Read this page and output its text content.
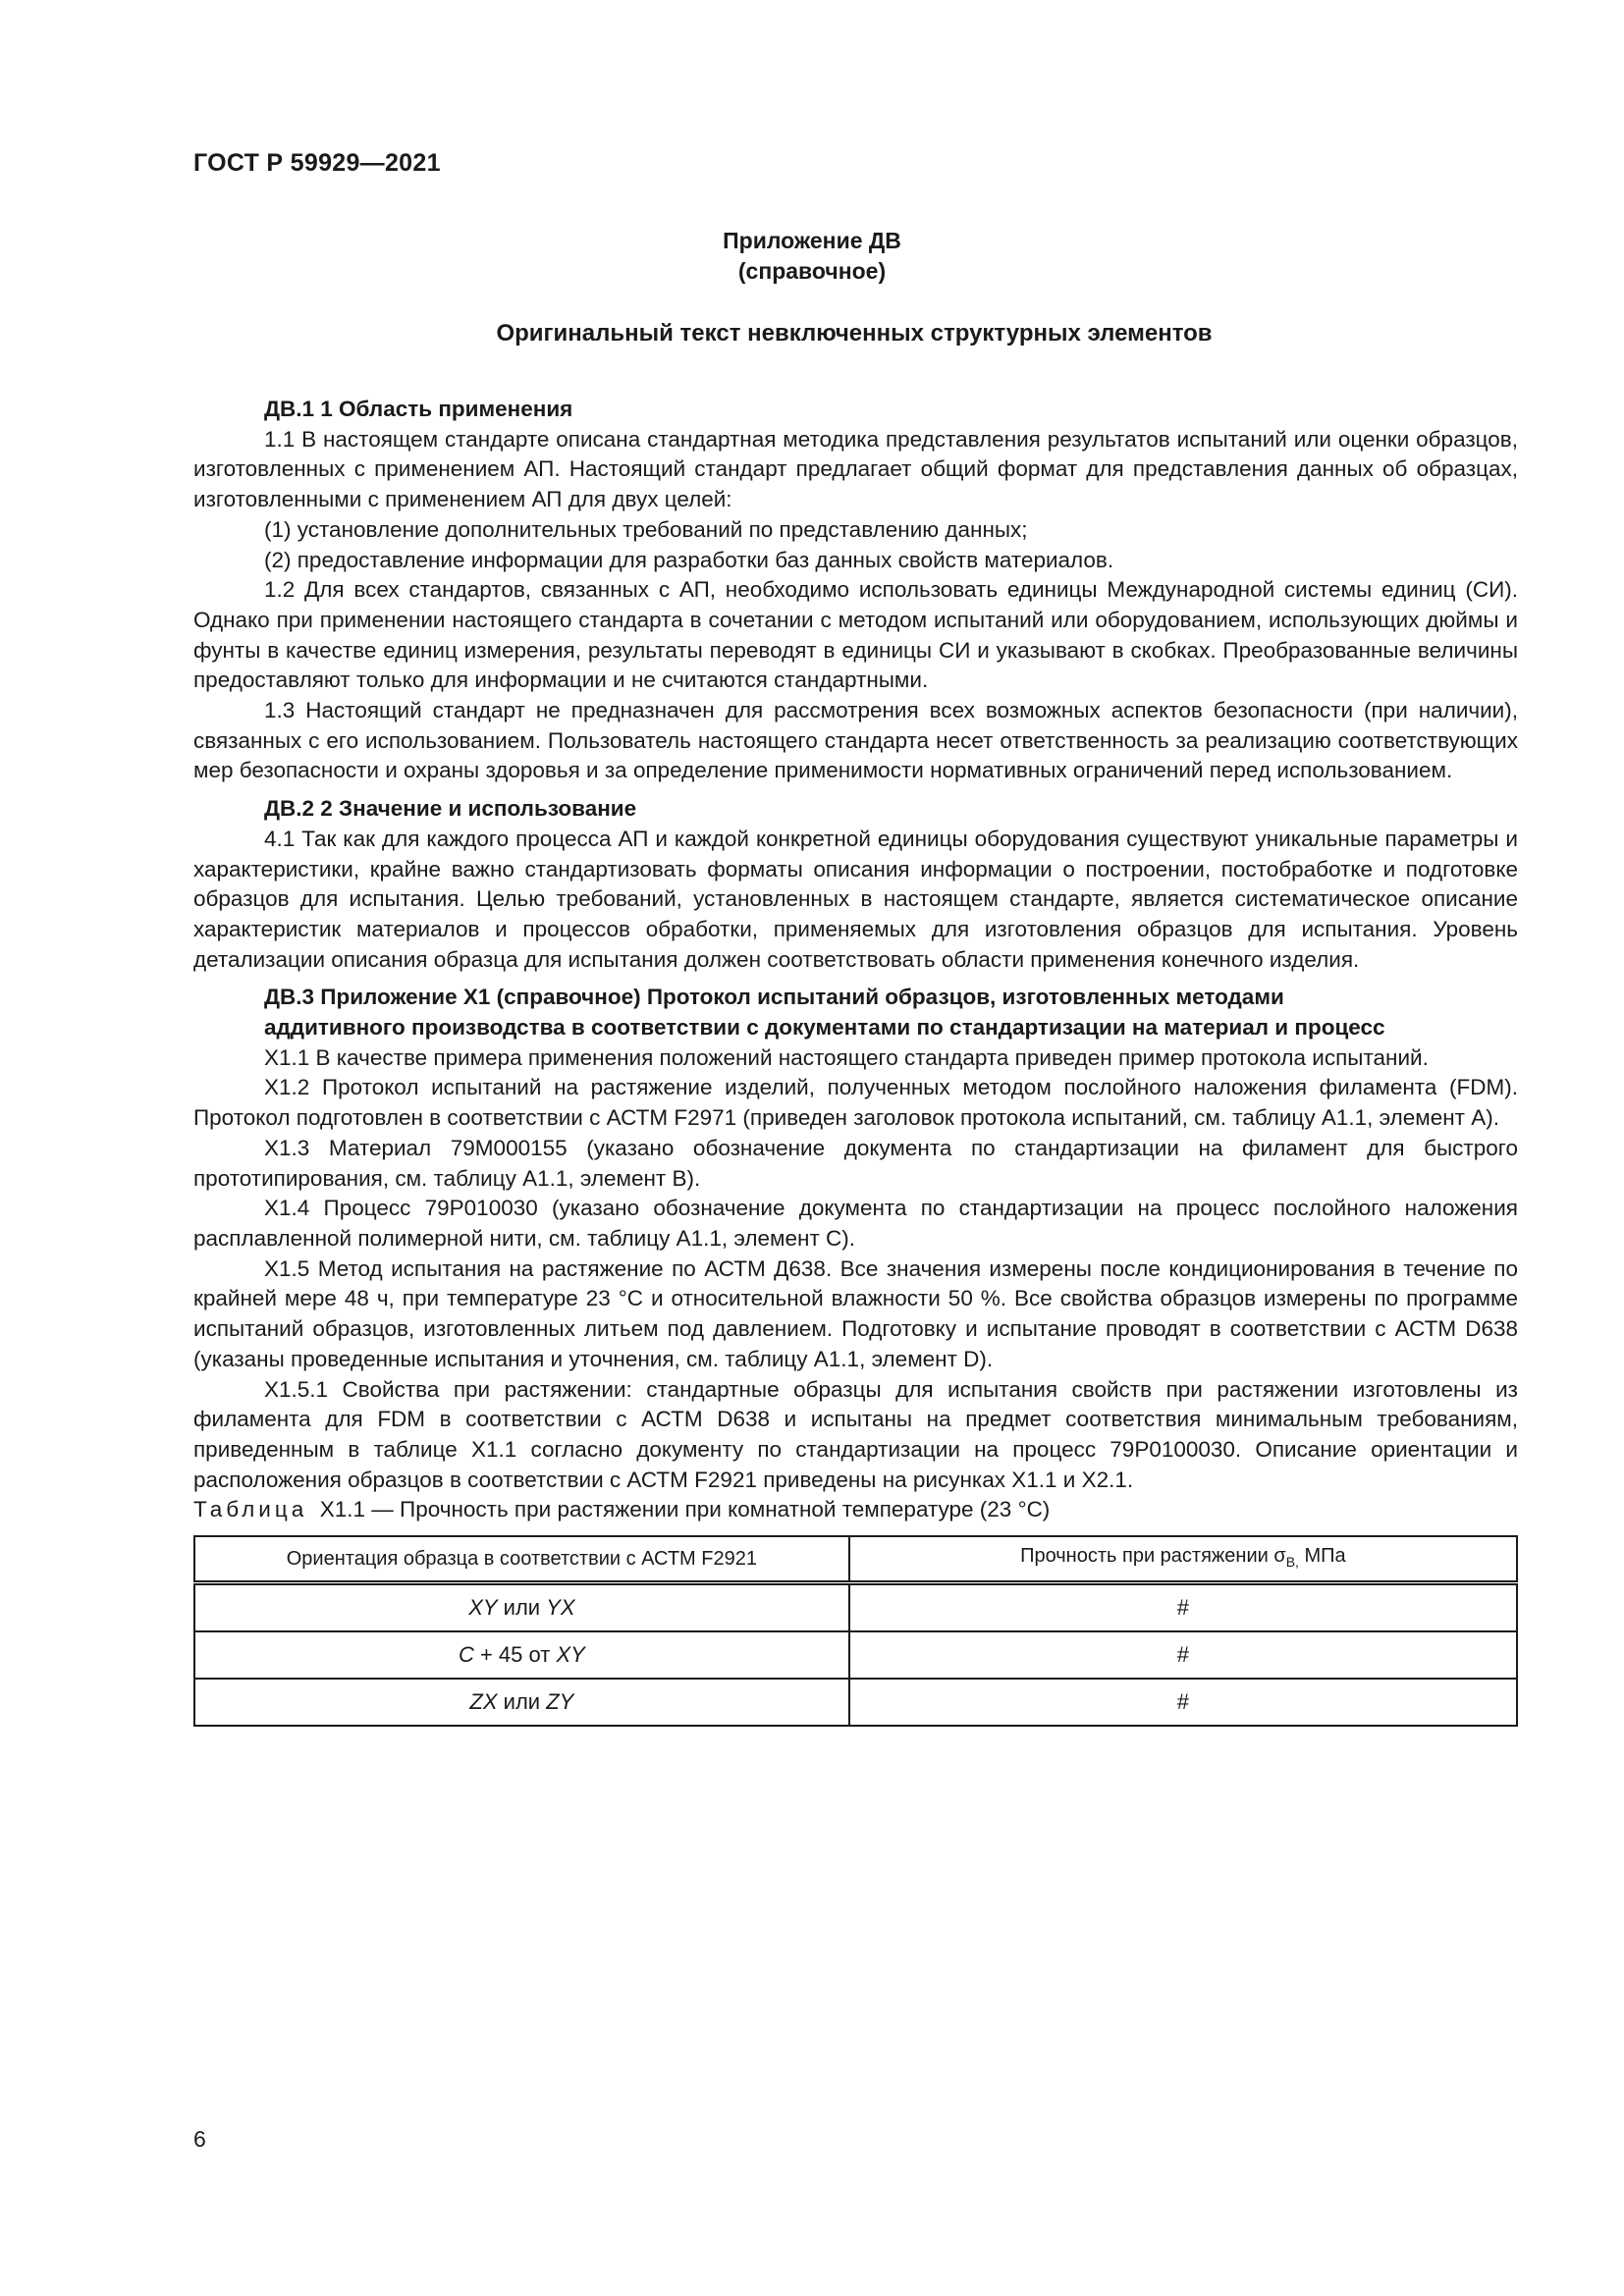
ГОСТ Р 59929—2021
Приложение ДВ
(справочное)
Оригинальный текст невключенных структурных элементов
ДВ.1 1 Область применения

1.1 В настоящем стандарте описана стандартная методика представления результатов испытаний или оценки образцов, изготовленных с применением АП. Настоящий стандарт предлагает общий формат для представления данных об образцах, изготовленными с применением АП для двух целей:

(1) установление дополнительных требований по представлению данных;

(2) предоставление информации для разработки баз данных свойств материалов.

1.2 Для всех стандартов, связанных с АП, необходимо использовать единицы Международной системы единиц (СИ). Однако при применении настоящего стандарта в сочетании с методом испытаний или оборудованием, использующих дюймы и фунты в качестве единиц измерения, результаты переводят в единицы СИ и указывают в скобках. Преобразованные величины предоставляют только для информации и не считаются стандартными.

1.3 Настоящий стандарт не предназначен для рассмотрения всех возможных аспектов безопасности (при наличии), связанных с его использованием. Пользователь настоящего стандарта несет ответственность за реализацию соответствующих мер безопасности и охраны здоровья и за определение применимости нормативных ограничений перед использованием.

ДВ.2 2 Значение и использование

4.1 Так как для каждого процесса АП и каждой конкретной единицы оборудования существуют уникальные параметры и характеристики, крайне важно стандартизовать форматы описания информации о построении, постобработке и подготовке образцов для испытания. Целью требований, установленных в настоящем стандарте, является систематическое описание характеристик материалов и процессов обработки, применяемых для изготовления образцов для испытания. Уровень детализации описания образца для испытания должен соответствовать области применения конечного изделия.

ДВ.3 Приложение X1 (справочное) Протокол испытаний образцов, изготовленных методами
аддитивного производства в соответствии с документами по стандартизации на материал и процесс

X1.1 В качестве примера применения положений настоящего стандарта приведен пример протокола испытаний.

X1.2 Протокол испытаний на растяжение изделий, полученных методом послойного наложения филамента (FDM). Протокол подготовлен в соответствии с АСТМ F2971 (приведен заголовок протокола испытаний, см. таблицу А1.1, элемент А).

X1.3 Материал 79М000155 (указано обозначение документа по стандартизации на филамент для быстрого прототипирования, см. таблицу А1.1, элемент В).

X1.4 Процесс 79Р010030 (указано обозначение документа по стандартизации на процесс послойного наложения расплавленной полимерной нити, см. таблицу А1.1, элемент С).

X1.5 Метод испытания на растяжение по АСТМ Д638. Все значения измерены после кондиционирования в течение по крайней мере 48 ч, при температуре 23 °С и относительной влажности 50 %. Все свойства образцов измерены по программе испытаний образцов, изготовленных литьем под давлением. Подготовку и испытание проводят в соответствии с АСТМ D638 (указаны проведенные испытания и уточнения, см. таблицу А1.1, элемент D).

X1.5.1 Свойства при растяжении: стандартные образцы для испытания свойств при растяжении изготовлены из филамента для FDM в соответствии с АСТМ D638 и испытаны на предмет соответствия минимальным требованиям, приведенным в таблице X1.1 согласно документу по стандартизации на процесс 79Р0100030. Описание ориентации и расположения образцов в соответствии с АСТМ F2921 приведены на рисунках X1.1 и X2.1.

Таблица X1.1 — Прочность при растяжении при комнатной температуре (23 °С)

Ориентация образца в соответствии с АСТМ F2921	Прочность при растяжении $\sigma_{B,}$ МПа
XY или YX	#
C + 45 от XY	#
ZX или ZY	#
6
